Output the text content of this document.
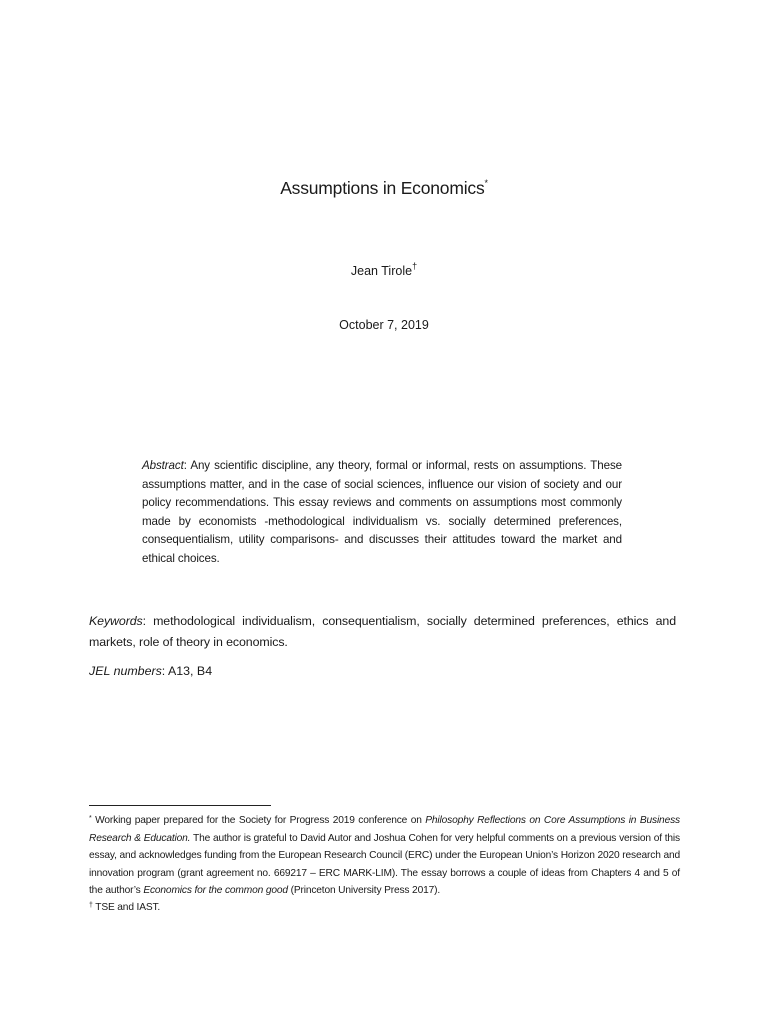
Assumptions in Economics*
Jean Tirole†
October 7, 2019
Abstract: Any scientific discipline, any theory, formal or informal, rests on assumptions. These assumptions matter, and in the case of social sciences, influence our vision of society and our policy recommendations. This essay reviews and comments on assumptions most commonly made by economists -methodological individualism vs. socially determined preferences, consequentialism, utility comparisons- and discusses their attitudes toward the market and ethical choices.
Keywords: methodological individualism, consequentialism, socially determined preferences, ethics and markets, role of theory in economics.
JEL numbers: A13, B4
* Working paper prepared for the Society for Progress 2019 conference on Philosophy Reflections on Core Assumptions in Business Research & Education. The author is grateful to David Autor and Joshua Cohen for very helpful comments on a previous version of this essay, and acknowledges funding from the European Research Council (ERC) under the European Union’s Horizon 2020 research and innovation program (grant agreement no. 669217 – ERC MARK-LIM). The essay borrows a couple of ideas from Chapters 4 and 5 of the author’s Economics for the common good (Princeton University Press 2017).
† TSE and IAST.
